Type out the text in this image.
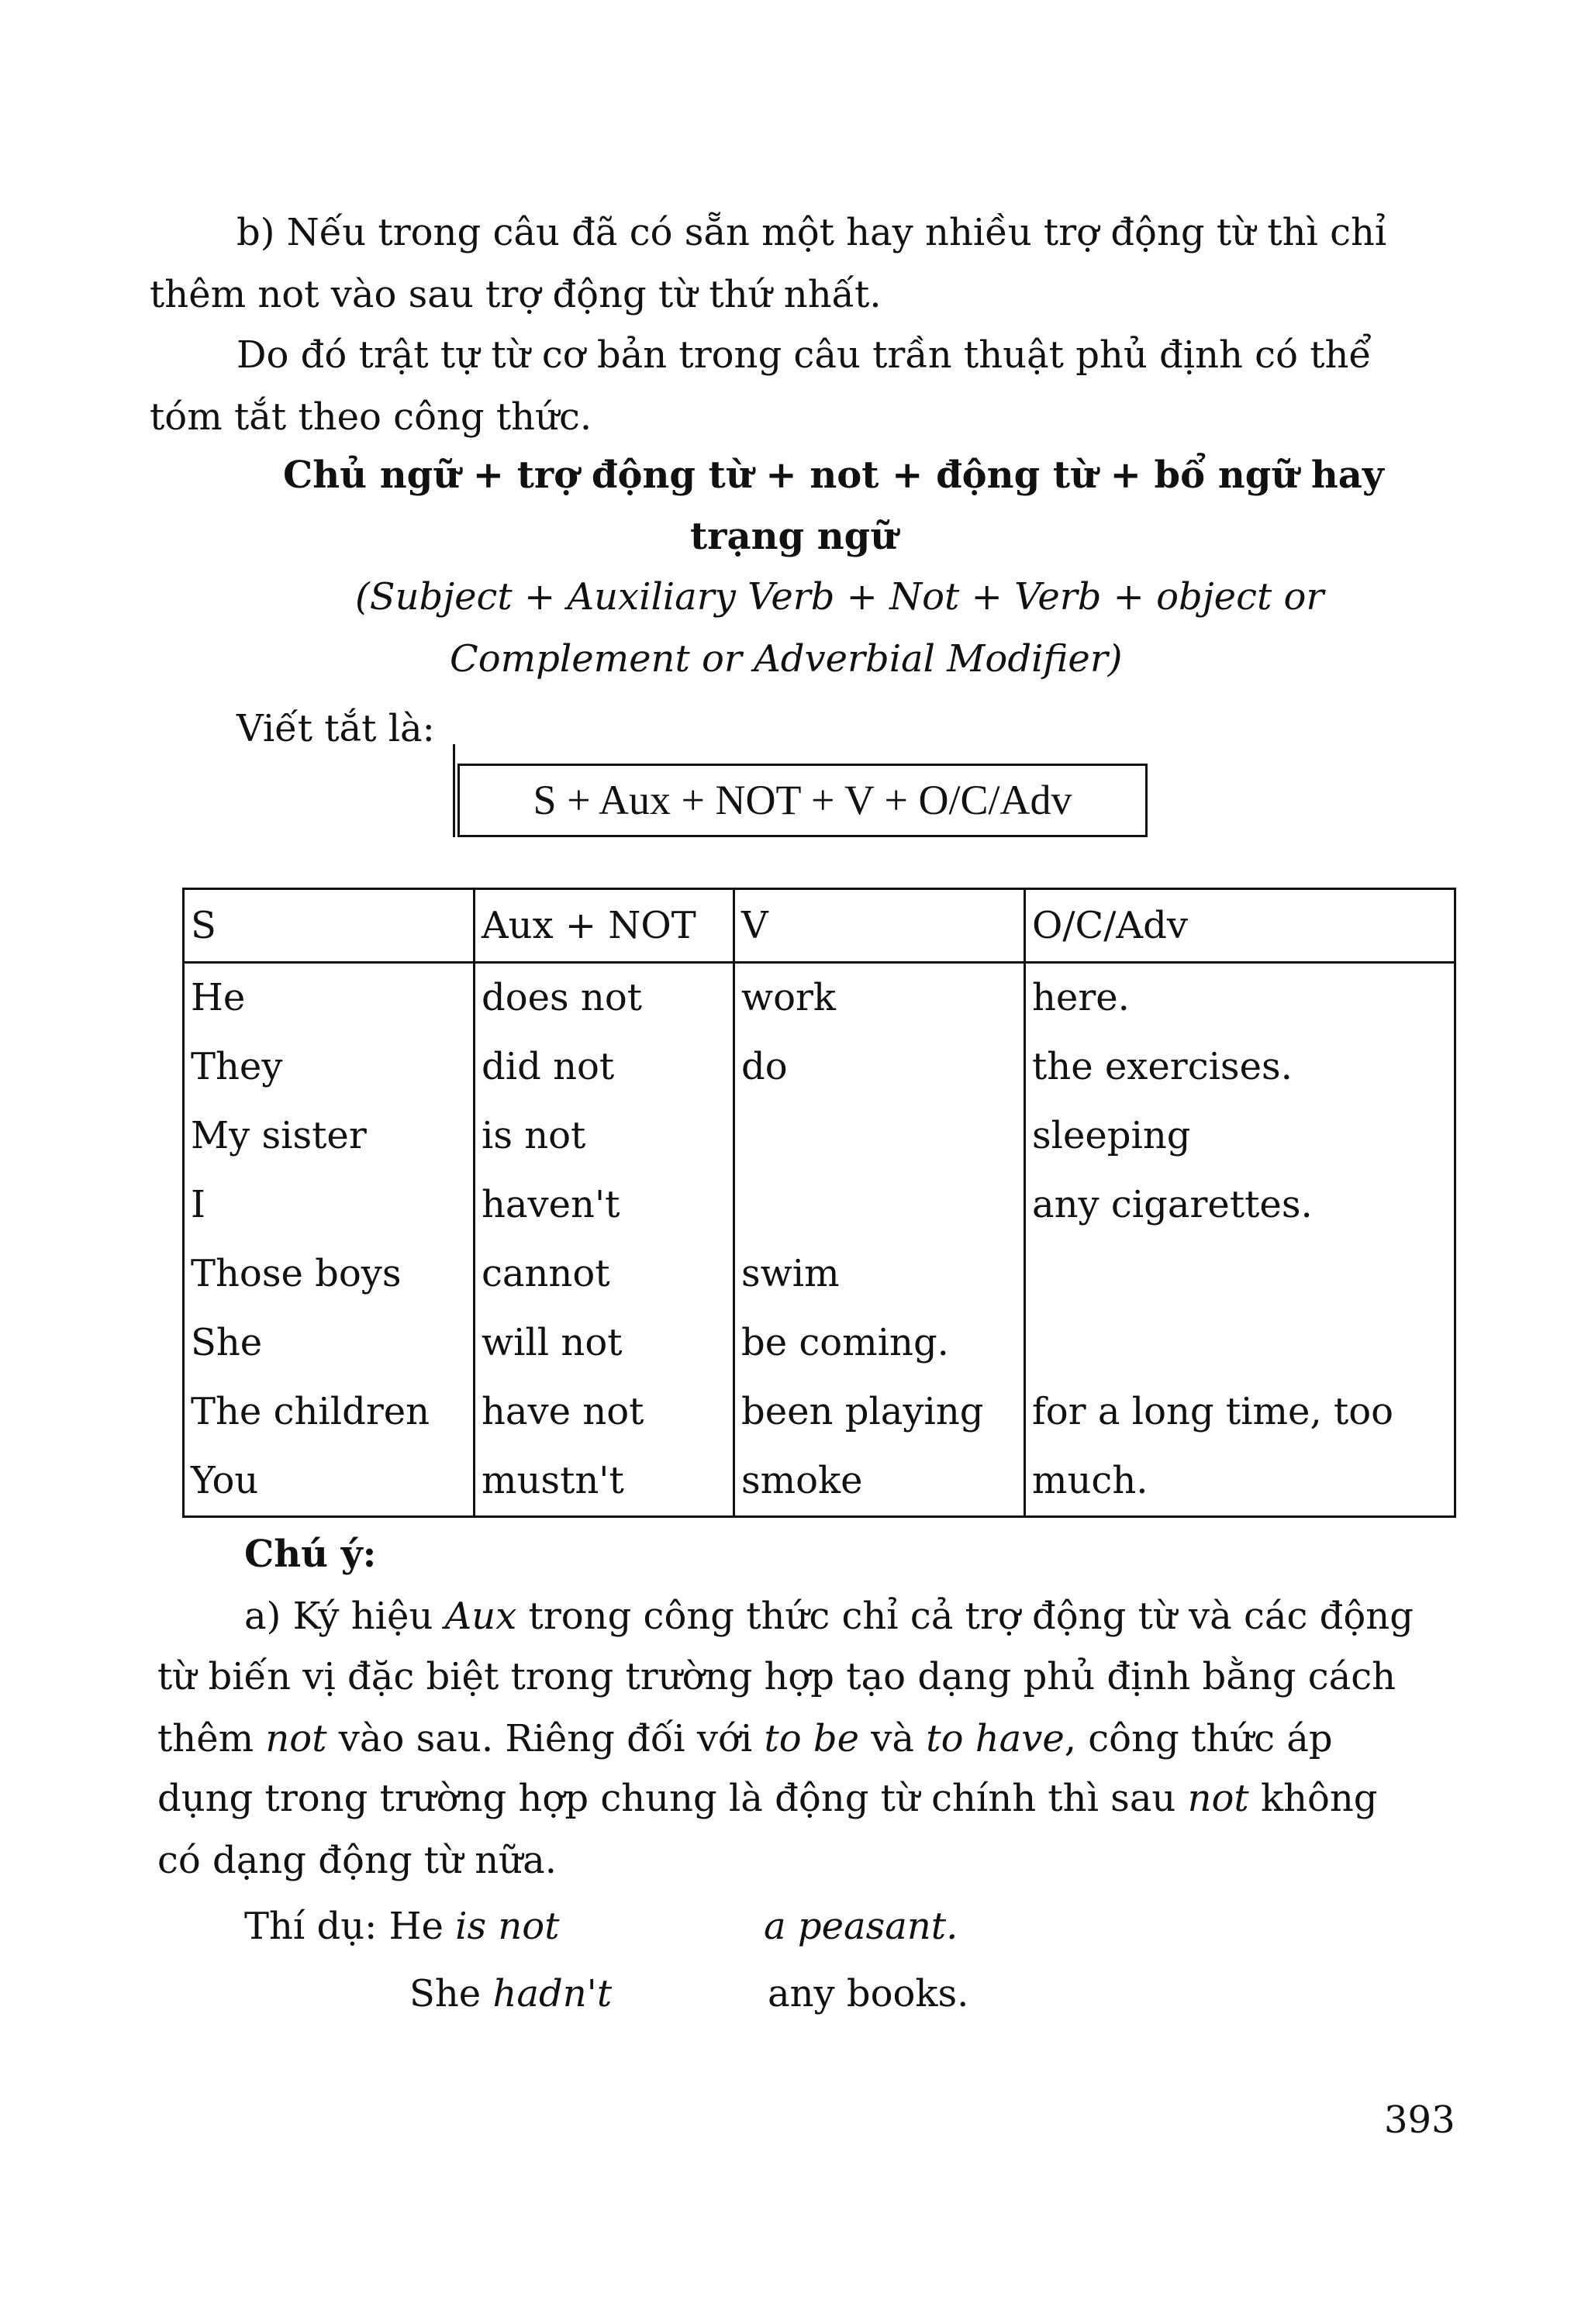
b) Nếu trong câu đã có sẵn một hay nhiều trợ động từ thì chỉ
thêm not vào sau trợ động từ thứ nhất.
Do đó trật tự từ cơ bản trong câu trần thuật phủ định có thể
tóm tắt theo công thức.
Chủ ngữ + trợ động từ + not + động từ + bổ ngữ hay
trạng ngữ
(Subject + Auxiliary Verb + Not + Verb + object or
Complement or Adverbial Modifier)
Viết tắt là:
S + Aux + NOT + V + O/C/Adv
S	Aux + NOT	V	O/C/Adv
He	does not	work	here.
They	did not	do	the exercises.
My sister	is not		sleeping
I	haven't		any cigarettes.
Those boys	cannot	swim	
She	will not	be coming.	
The children	have not	been playing	for a long time, too
You	mustn't	smoke	much.
Chú ý:
a) Ký hiệu Aux trong công thức chỉ cả trợ động từ và các động
từ biến vị đặc biệt trong trường hợp tạo dạng phủ định bằng cách
thêm not vào sau. Riêng đối với to be và to have, công thức áp
dụng trong trường hợp chung là động từ chính thì sau not không
có dạng động từ nữa.
Thí dụ: He is not	a peasant.
She hadn't	any books.
393
